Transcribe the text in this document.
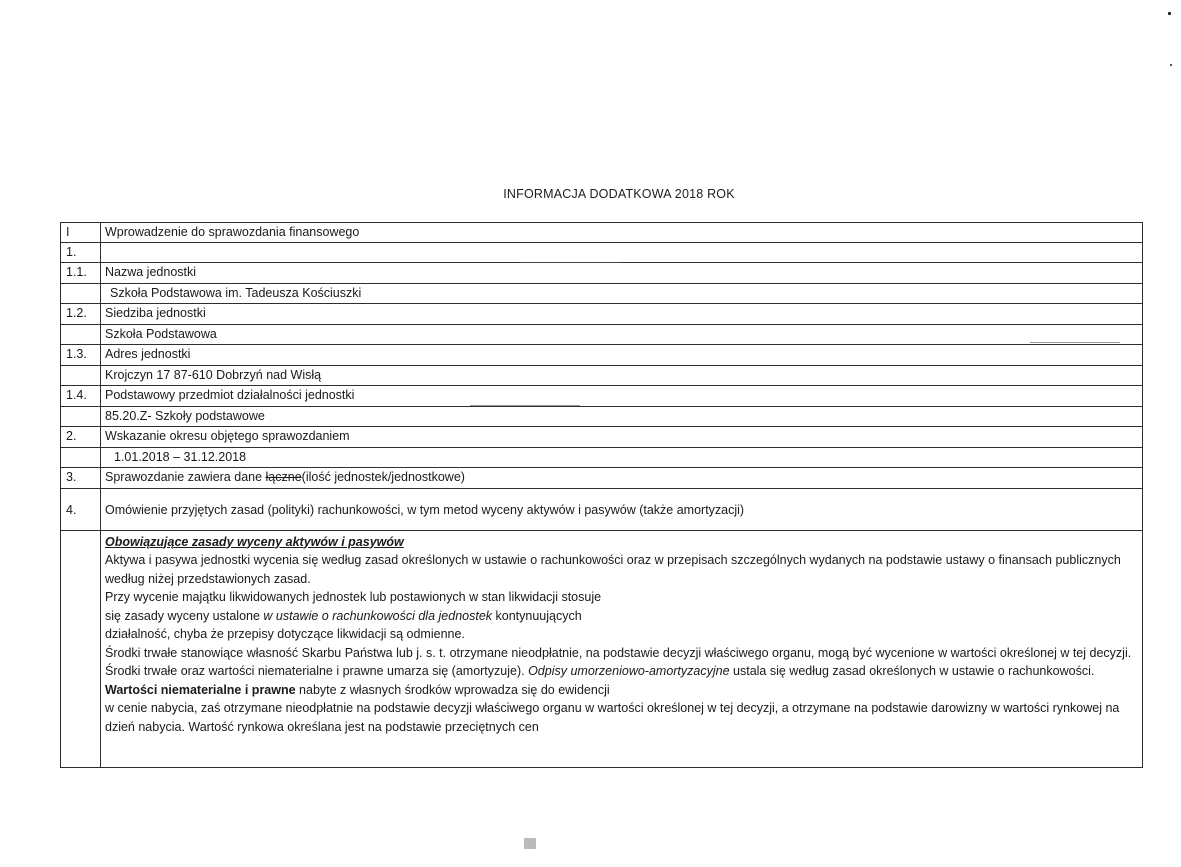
INFORMACJA DODATKOWA 2018 ROK
I	Wprowadzenie do sprawozdania finansowego
1.
1.1.	Nazwa jednostki
Szkoła Podstawowa im. Tadeusza Kościuszki
1.2.	Siedziba jednostki
Szkoła Podstawowa
1.3.	Adres jednostki
Krojczyn 17 87-610 Dobrzyń nad Wisłą
1.4.	Podstawowy przedmiot działalności jednostki
85.20.Z- Szkoły podstawowe
2.	Wskazanie okresu objętego sprawozdaniem
1.01.2018 – 31.12.2018
3.	Sprawozdanie zawiera dane łączne(ilość jednostek/jednostkowe)
4.	Omówienie przyjętych zasad (polityki) rachunkowości, w tym metod wyceny aktywów i pasywów (także amortyzacji)

Obowiązujące zasady wyceny aktywów i pasywów

Aktywa i pasywa jednostki wycenia się według zasad określonych w ustawie o rachunkowości oraz w przepisach szczególnych wydanych na podstawie ustawy o finansach publicznych według niżej przedstawionych zasad.

Przy wycenie majątku likwidowanych jednostek lub postawionych w stan likwidacji stosuje

się zasady wyceny ustalone w ustawie o rachunkowości dla jednostek kontynuujących

działalność, chyba że przepisy dotyczące likwidacji są odmienne.

Środki trwałe stanowiące własność Skarbu Państwa lub j. s. t. otrzymane nieodpłatnie, na podstawie decyzji właściwego organu, mogą być wycenione w wartości określonej w tej decyzji.

Środki trwałe oraz wartości niematerialne i prawne umarza się (amortyzuje). Odpisy umorzeniowo-amortyzacyjne ustala się według zasad określonych w ustawie o rachunkowości.

Wartości niematerialne i prawne nabyte z własnych środków wprowadza się do ewidencji

w cenie nabycia, zaś otrzymane nieodpłatnie na podstawie decyzji właściwego organu w wartości określonej w tej decyzji, a otrzymane na podstawie darowizny w wartości rynkowej na dzień nabycia. Wartość rynkowa określana jest na podstawie przeciętnych cen
